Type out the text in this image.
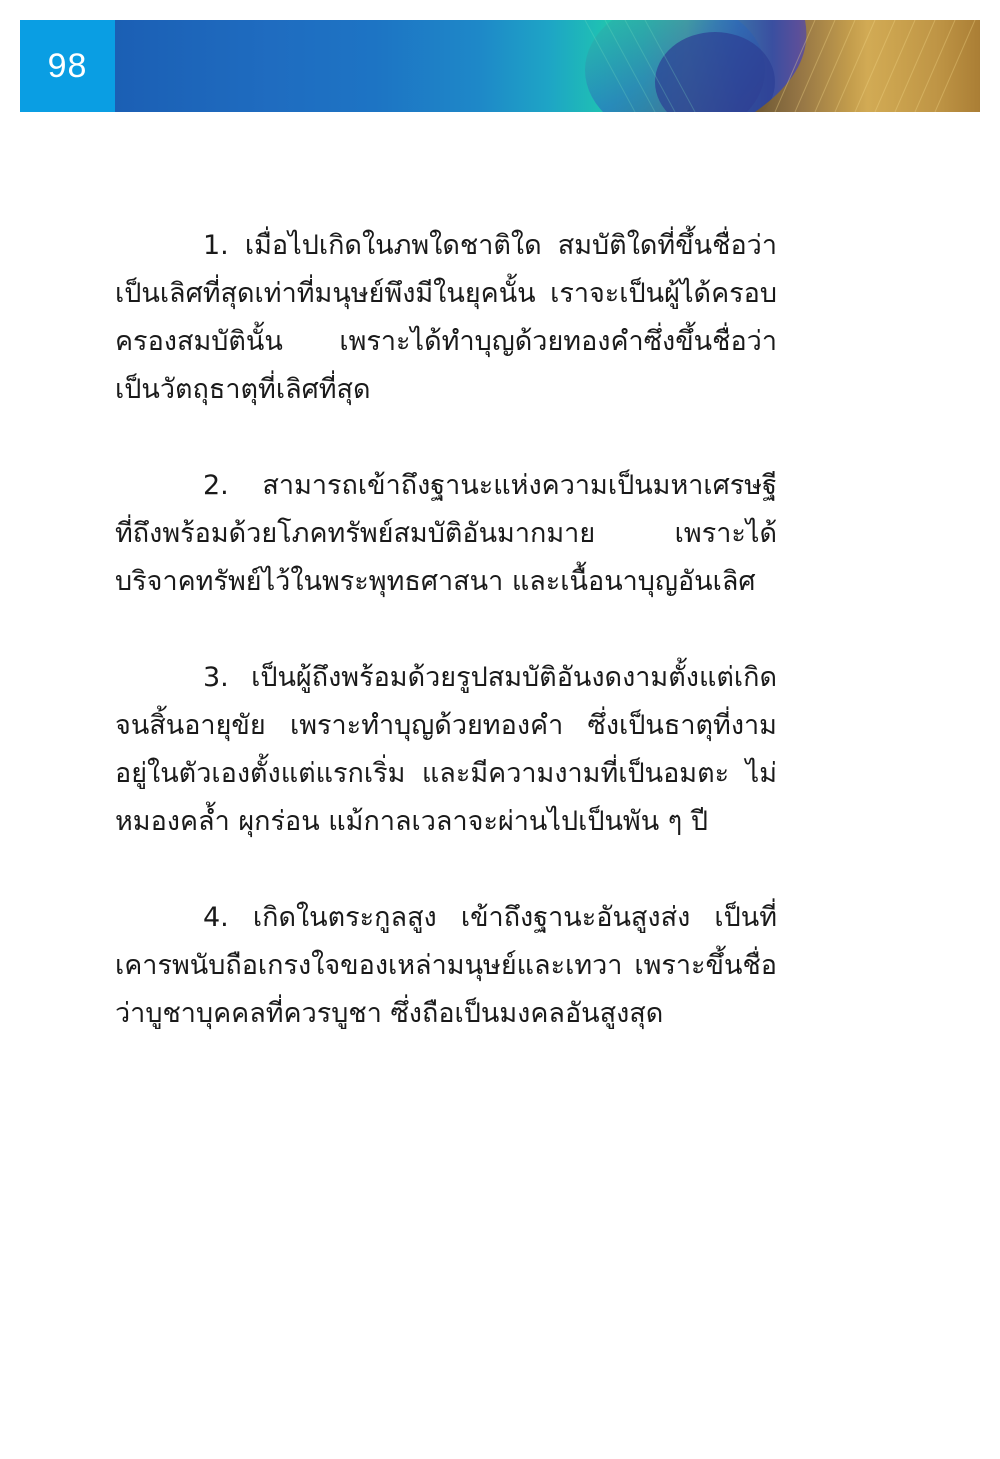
98

1. เมื่อไปเกิดในภพใดชาติใด สมบัติใดที่ขึ้นชื่อว่าเป็นเลิศที่สุดเท่าที่มนุษย์พึงมีในยุคนั้น เราจะเป็นผู้ได้ครอบครองสมบัตินั้น เพราะได้ทำบุญด้วยทองคำซึ่งขึ้นชื่อว่า เป็นวัตถุธาตุที่เลิศที่สุด

2. สามารถเข้าถึงฐานะแห่งความเป็นมหาเศรษฐี ที่ถึงพร้อมด้วยโภคทรัพย์สมบัติอันมากมาย เพราะได้บริจาคทรัพย์ไว้ในพระพุทธศาสนา และเนื้อนาบุญอันเลิศ

3. เป็นผู้ถึงพร้อมด้วยรูปสมบัติอันงดงามตั้งแต่เกิดจนสิ้นอายุขัย เพราะทำบุญด้วยทองคำ ซึ่งเป็นธาตุที่งามอยู่ในตัวเองตั้งแต่แรกเริ่ม และมีความงามที่เป็นอมตะ ไม่หมองคล้ำ ผุกร่อน แม้กาลเวลาจะผ่านไปเป็นพัน ๆ ปี

4. เกิดในตระกูลสูง เข้าถึงฐานะอันสูงส่ง เป็นที่เคารพนับถือเกรงใจของเหล่ามนุษย์และเทวา เพราะขึ้นชื่อว่าบูชาบุคคลที่ควรบูชา ซึ่งถือเป็นมงคลอันสูงสุด
